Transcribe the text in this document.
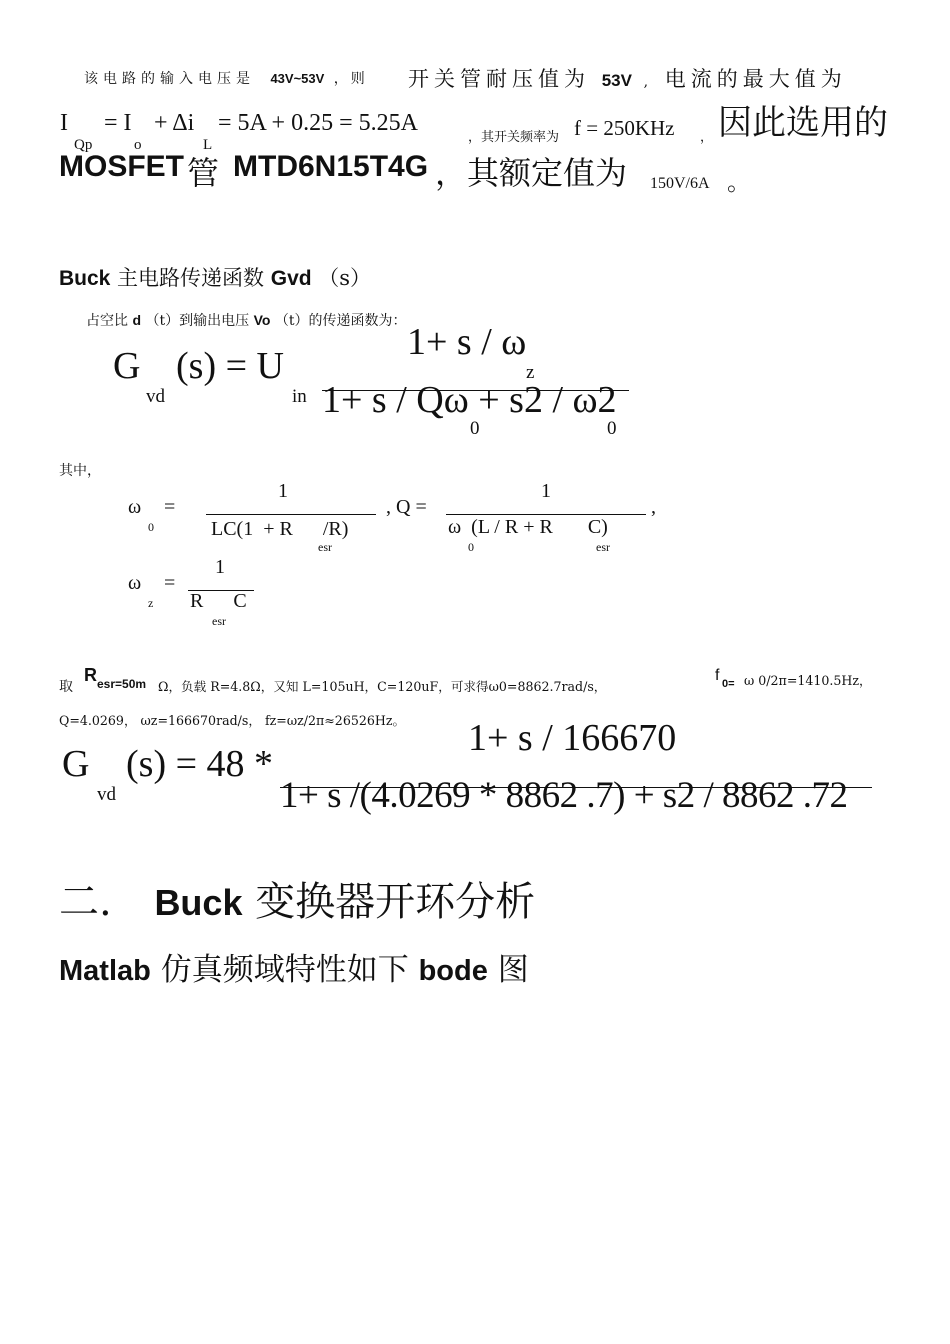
该电路的输入电压是 43V~53V ，则 开关管耐压值为 53V , 电流的最大值为
I
Qp
= I
o
+ Δi
L
= 5A + 0.25 = 5.25A
，其开关频率为 f = 250KHz ， 因此选用的
MOSFET 管 MTD6N15T4G ，其额定值为 150V/6A 。
Buck 主电路传递函数 Gvd （s）
占空比 d （t）到输出电压 Vo （t）的传递函数为：
G
vd
(s) = U
in
1+ s / ω
z
1+ s / Qω + s2 / ω2
0	0
其中，
ω
0
=
1
LC(1  + R      /R)
esr
, Q =
1
ω  (L / R + R       C)
0	esr
,
ω
z
=
1
R      C
esr
取
R esr=50m Ω，负载 R=4.8Ω，又知 L=105uH，C=120uF，可求得ω0=8862.7rad/s，
f 0= ω 0/2π=1410.5Hz，
Q=4.0269， ωz=166670rad/s， fz=ωz/2π≈26526Hz。
G
vd
(s) = 48 *
1+ s / 166670
1+ s /(4.0269 * 8862 .7) + s2 / 8862 .72
二. Buck 变换器开环分析
Matlab 仿真频域特性如下 bode 图
